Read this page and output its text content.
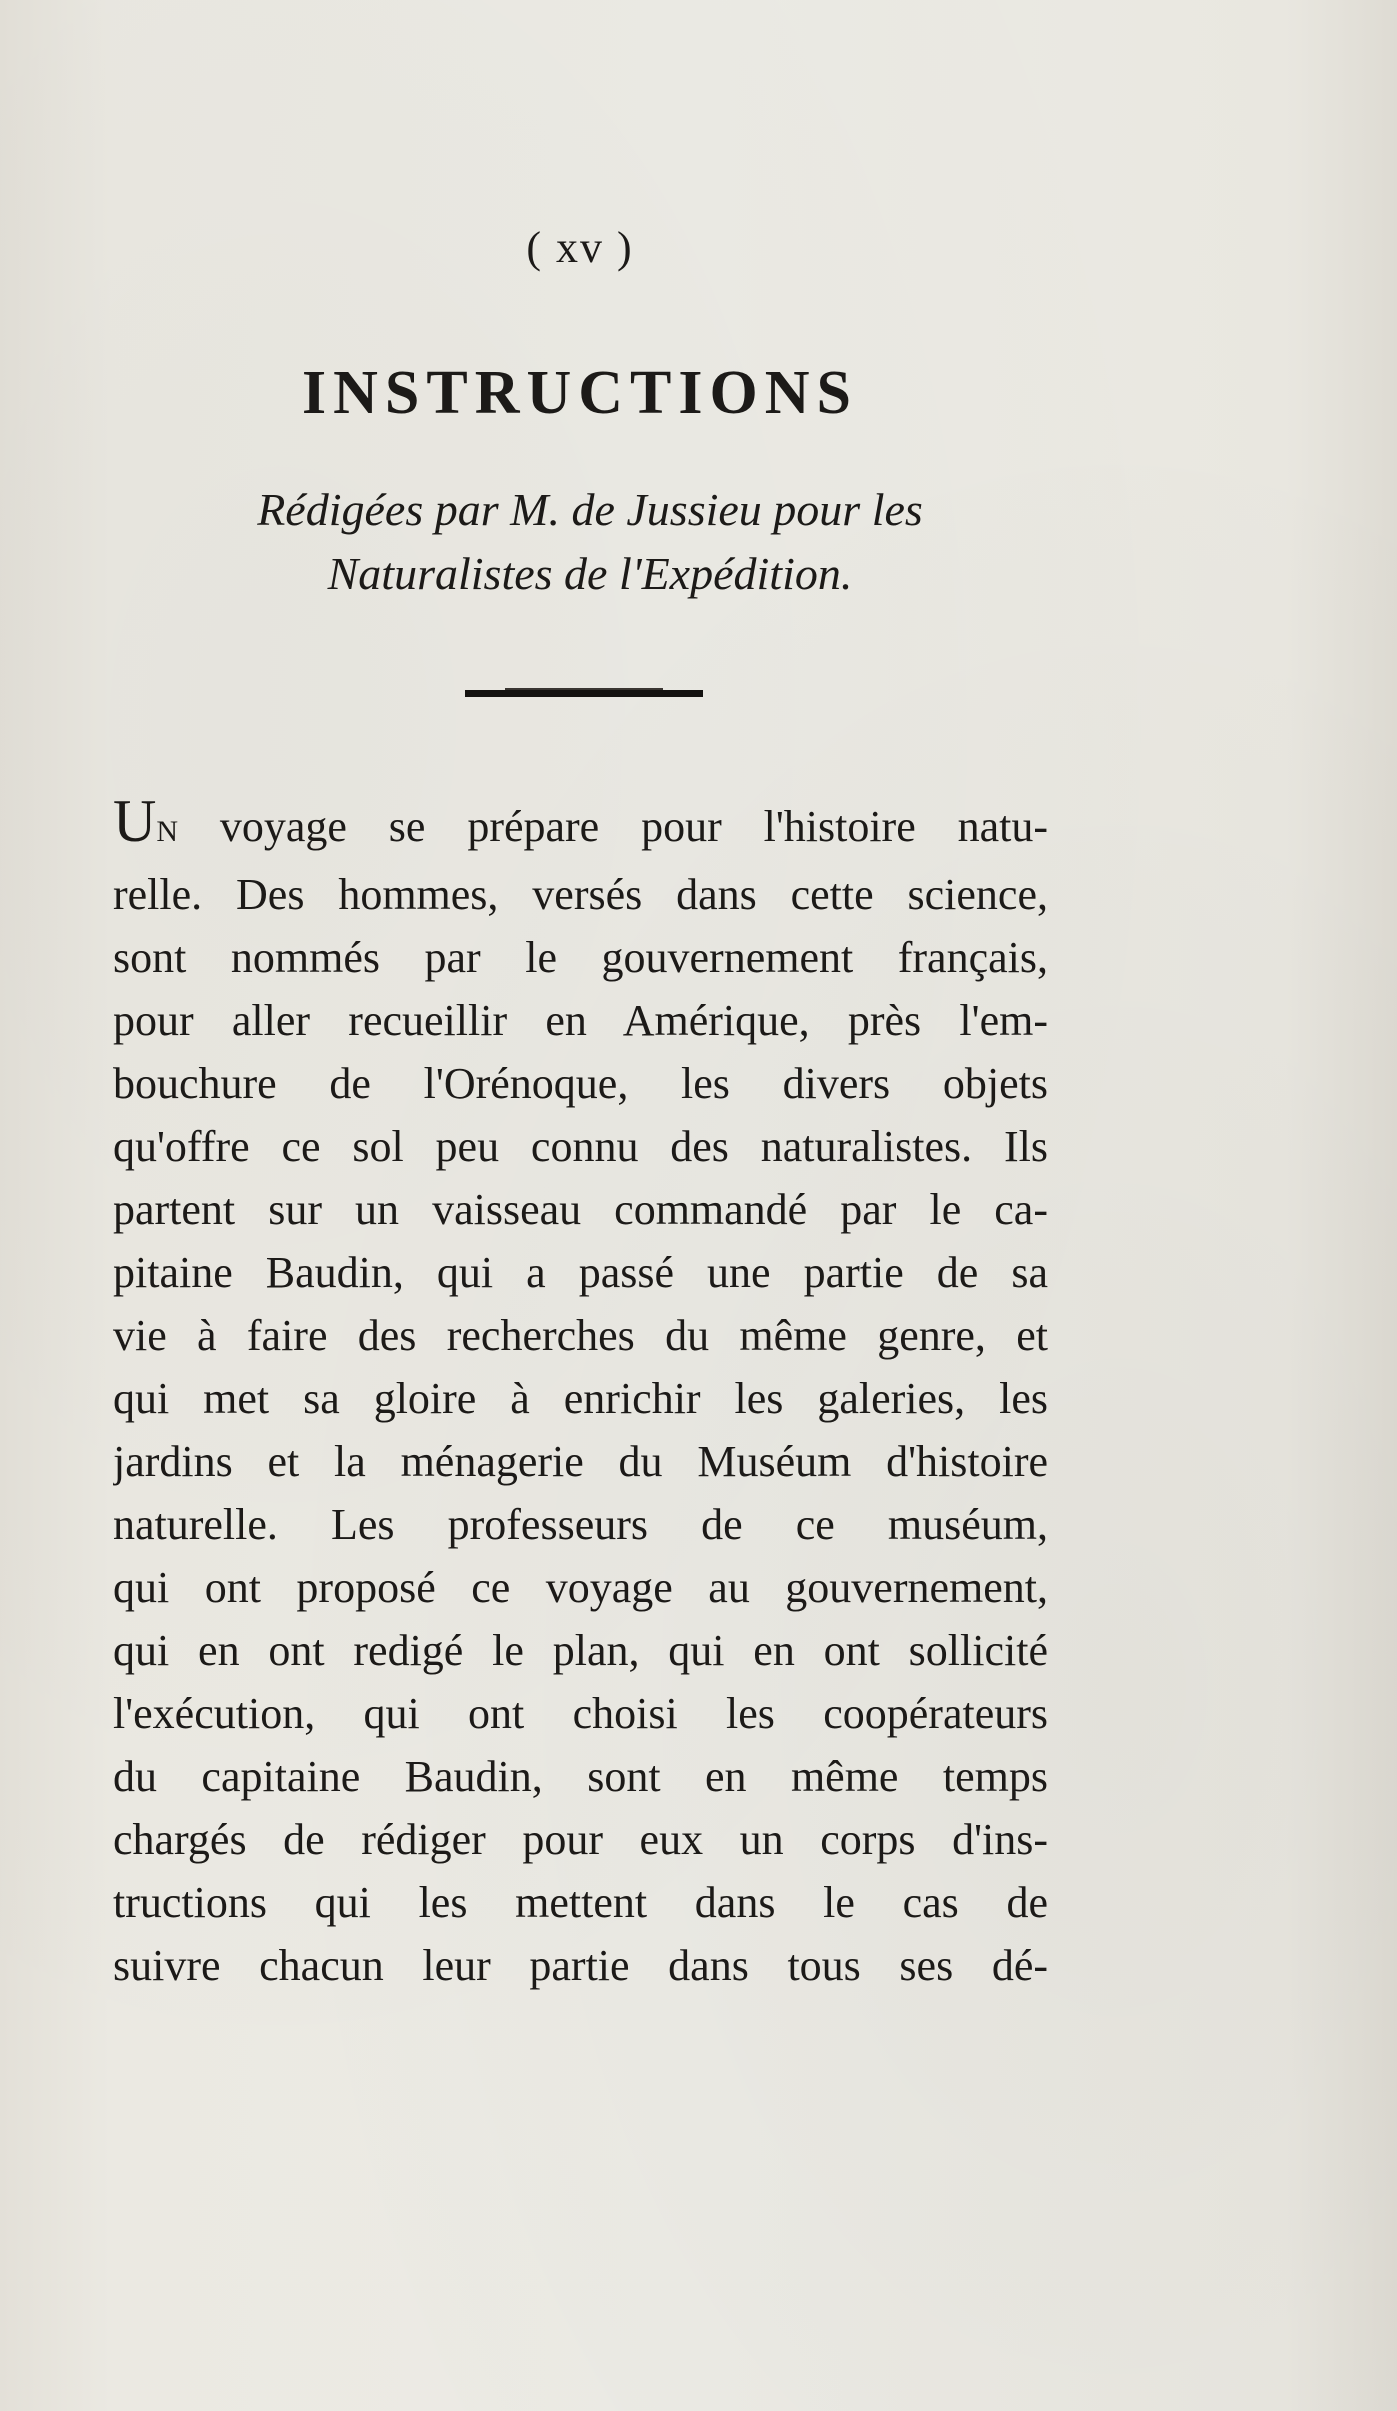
( xv )
INSTRUCTIONS
Rédigées par M. de Jussieu pour les
Naturalistes de l'Expédition.
UN voyage se prépare pour l'histoire natu-
relle. Des hommes, versés dans cette science,
sont nommés par le gouvernement français,
pour aller recueillir en Amérique, près l'em-
bouchure de l'Orénoque, les divers objets
qu'offre ce sol peu connu des naturalistes. Ils
partent sur un vaisseau commandé par le ca-
pitaine Baudin, qui a passé une partie de sa
vie à faire des recherches du même genre, et
qui met sa gloire à enrichir les galeries, les
jardins et la ménagerie du Muséum d'histoire
naturelle. Les professeurs de ce muséum,
qui ont proposé ce voyage au gouvernement,
qui en ont redigé le plan, qui en ont sollicité
l'exécution, qui ont choisi les coopérateurs
du capitaine Baudin, sont en même temps
chargés de rédiger pour eux un corps d'ins-
tructions qui les mettent dans le cas de
suivre chacun leur partie dans tous ses dé-
